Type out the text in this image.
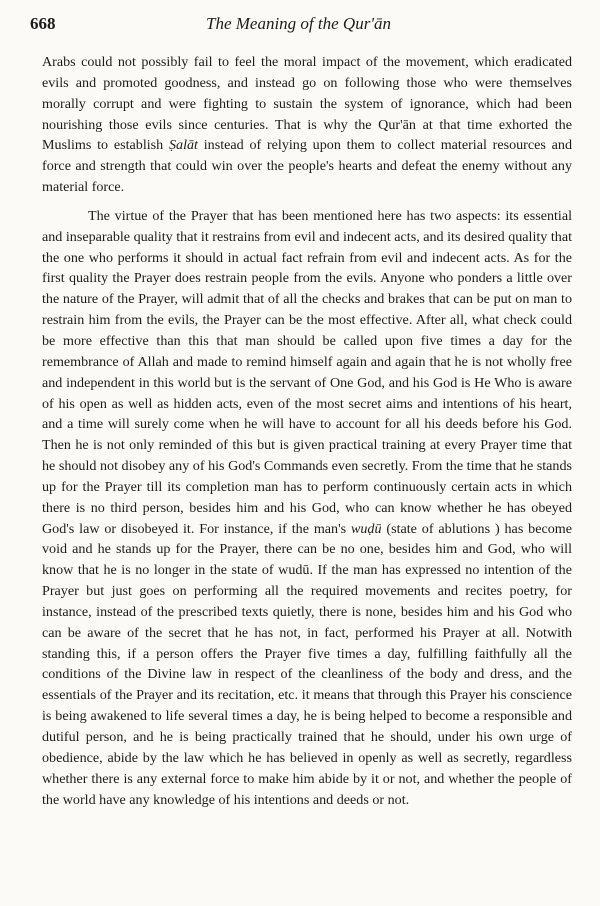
668	The Meaning of the Qur'ān

Arabs could not possibly fail to feel the moral impact of the movement, which eradicated evils and promoted goodness, and instead go on following those who were themselves morally corrupt and were fighting to sustain the system of ignorance, which had been nourishing those evils since centuries. That is why the Qur'ān at that time exhorted the Muslims to establish Ṣalāt instead of relying upon them to collect material resources and force and strength that could win over the people's hearts and defeat the enemy without any material force.

The virtue of the Prayer that has been mentioned here has two aspects: its essential and inseparable quality that it restrains from evil and indecent acts, and its desired quality that the one who performs it should in actual fact refrain from evil and indecent acts. As for the first quality the Prayer does restrain people from the evils. Anyone who ponders a little over the nature of the Prayer, will admit that of all the checks and brakes that can be put on man to restrain him from the evils, the Prayer can be the most effective. After all, what check could be more effective than this that man should be called upon five times a day for the remembrance of Allah and made to remind himself again and again that he is not wholly free and independent in this world but is the servant of One God, and his God is He Who is aware of his open as well as hidden acts, even of the most secret aims and intentions of his heart, and a time will surely come when he will have to account for all his deeds before his God. Then he is not only reminded of this but is given practical training at every Prayer time that he should not disobey any of his God's Commands even secretly. From the time that he stands up for the Prayer till its completion man has to perform continuously certain acts in which there is no third person, besides him and his God, who can know whether he has obeyed God's law or disobeyed it. For instance, if the man's wuḍū (state of ablutions ) has become void and he stands up for the Prayer, there can be no one, besides him and God, who will know that he is no longer in the state of wudū. If the man has expressed no intention of the Prayer but just goes on performing all the required movements and recites poetry, for instance, instead of the prescribed texts quietly, there is none, besides him and his God who can be aware of the secret that he has not, in fact, performed his Prayer at all. Notwith standing this, if a person offers the Prayer five times a day, fulfilling faithfully all the conditions of the Divine law in respect of the cleanliness of the body and dress, and the essentials of the Prayer and its recitation, etc. it means that through this Prayer his conscience is being awakened to life several times a day, he is being helped to become a responsible and dutiful person, and he is being practically trained that he should, under his own urge of obedience, abide by the law which he has believed in openly as well as secretly, regardless whether there is any external force to make him abide by it or not, and whether the people of the world have any knowledge of his intentions and deeds or not.
